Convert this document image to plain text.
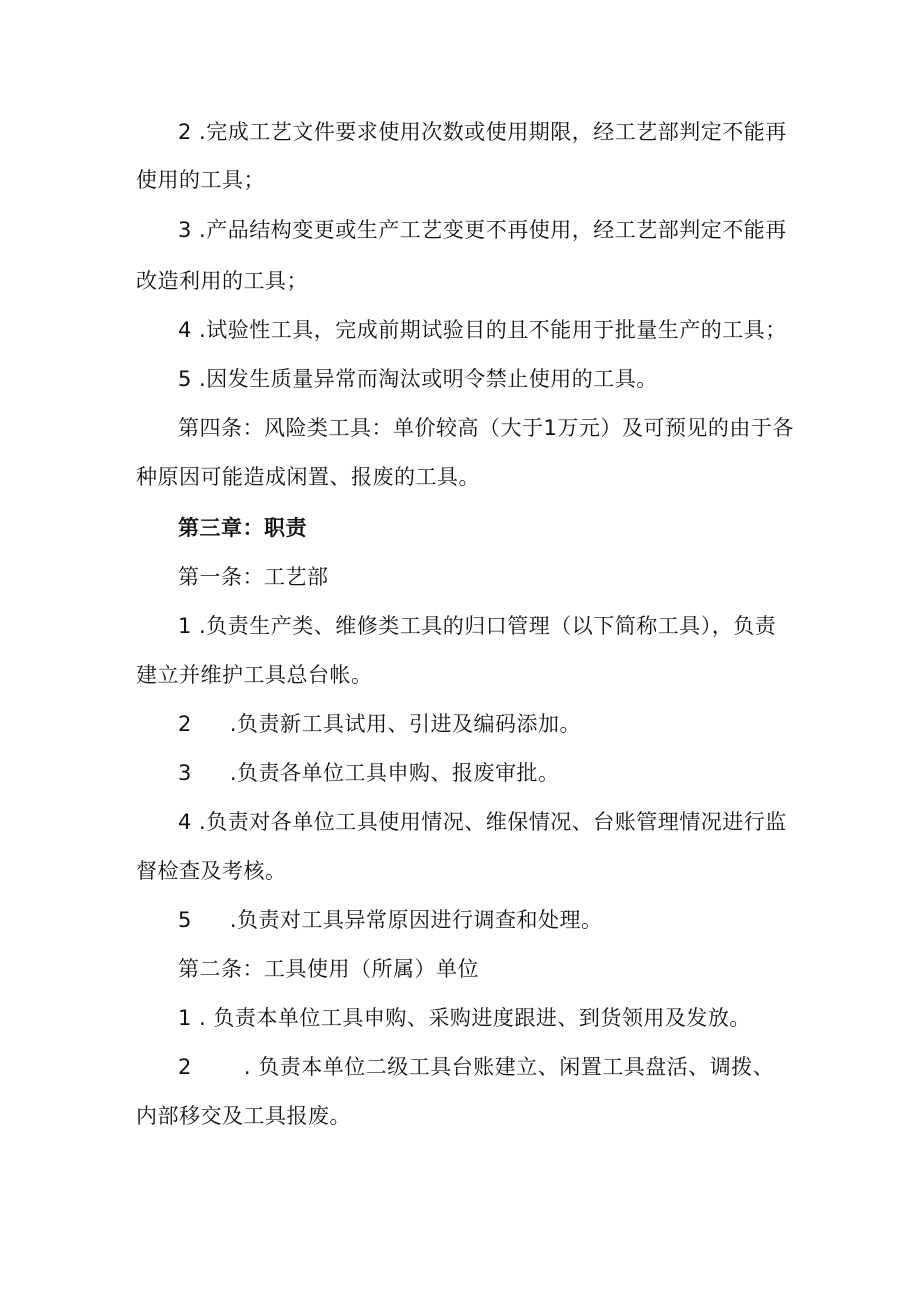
2 .完成工艺文件要求使用次数或使用期限，经工艺部判定不能再
使用的工具；
3 .产品结构变更或生产工艺变更不再使用，经工艺部判定不能再
改造利用的工具；
4 .试验性工具，完成前期试验目的且不能用于批量生产的工具；
5 .因发生质量异常而淘汰或明令禁止使用的工具。
第四条：风险类工具：单价较高（大于1万元）及可预见的由于各
种原因可能造成闲置、报废的工具。
第三章：职责
第一条：工艺部
1 .负责生产类、维修类工具的归口管理（以下简称工具），负责
建立并维护工具总台帐。
2 .负责新工具试用、引进及编码添加。
3 .负责各单位工具申购、报废审批。
4 .负责对各单位工具使用情况、维保情况、台账管理情况进行监
督检查及考核。
5 .负责对工具异常原因进行调查和处理。
第二条：工具使用（所属）单位
1 . 负责本单位工具申购、采购进度跟进、到货领用及发放。
2 . 负责本单位二级工具台账建立、闲置工具盘活、调拨、
内部移交及工具报废。
